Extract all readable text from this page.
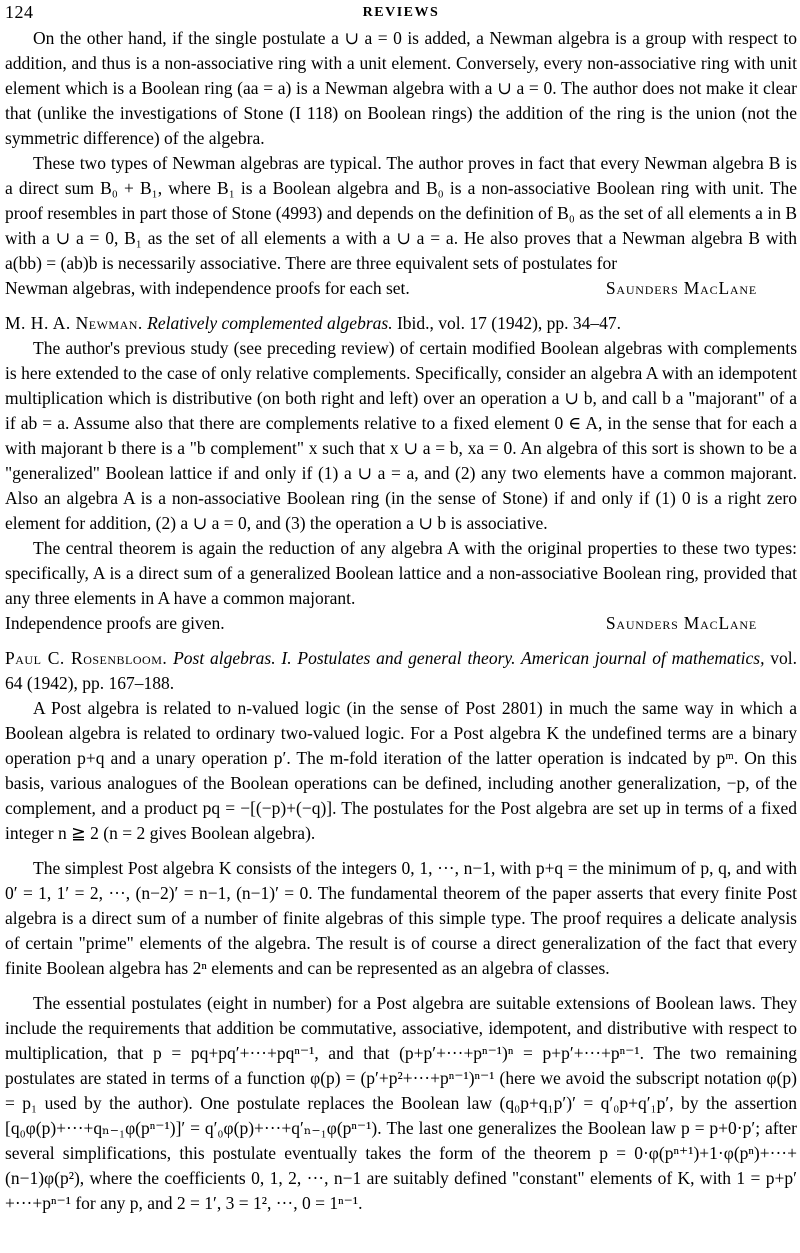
124	REVIEWS

On the other hand, if the single postulate a ∪ a = 0 is added, a Newman algebra is a group with respect to addition, and thus is a non-associative ring with a unit element. Conversely, every non-associative ring with unit element which is a Boolean ring (aa = a) is a Newman algebra with a ∪ a = 0. The author does not make it clear that (unlike the investigations of Stone (I 118) on Boolean rings) the addition of the ring is the union (not the symmetric difference) of the algebra.

These two types of Newman algebras are typical. The author proves in fact that every Newman algebra B is a direct sum B₀ + B₁, where B₁ is a Boolean algebra and B₀ is a non-associative Boolean ring with unit. The proof resembles in part those of Stone (4993) and depends on the definition of B₀ as the set of all elements a in B with a ∪ a = 0, B₁ as the set of all elements a with a ∪ a = a. He also proves that a Newman algebra B with a(bb) = (ab)b is necessarily associative. There are three equivalent sets of postulates for

Newman algebras, with independence proofs for each set.	Saunders MacLane

M. H. A. Newman. Relatively complemented algebras. Ibid., vol. 17 (1942), pp. 34–47.

The author's previous study (see preceding review) of certain modified Boolean algebras with complements is here extended to the case of only relative complements. Specifically, consider an algebra A with an idempotent multiplication which is distributive (on both right and left) over an operation a ∪ b, and call b a "majorant" of a if ab = a. Assume also that there are complements relative to a fixed element 0 ∈ A, in the sense that for each a with majorant b there is a "b complement" x such that x ∪ a = b, xa = 0. An algebra of this sort is shown to be a "generalized" Boolean lattice if and only if (1) a ∪ a = a, and (2) any two elements have a common majorant. Also an algebra A is a non-associative Boolean ring (in the sense of Stone) if and only if (1) 0 is a right zero element for addition, (2) a ∪ a = 0, and (3) the operation a ∪ b is associative.

The central theorem is again the reduction of any algebra A with the original properties to these two types: specifically, A is a direct sum of a generalized Boolean lattice and a non-associative Boolean ring, provided that any three elements in A have a common majorant.

Independence proofs are given.	Saunders MacLane

Paul C. Rosenbloom. Post algebras. I. Postulates and general theory. American journal of mathematics, vol. 64 (1942), pp. 167–188.

A Post algebra is related to n-valued logic (in the sense of Post 2801) in much the same way in which a Boolean algebra is related to ordinary two-valued logic. For a Post algebra K the undefined terms are a binary operation p+q and a unary operation p′. The m-fold iteration of the latter operation is indcated by pᵐ. On this basis, various analogues of the Boolean operations can be defined, including another generalization, −p, of the complement, and a product pq = −[(−p)+(−q)]. The postulates for the Post algebra are set up in terms of a fixed integer n ≧ 2 (n = 2 gives Boolean algebra).

The simplest Post algebra K consists of the integers 0, 1, ···, n−1, with p+q = the minimum of p, q, and with 0′ = 1, 1′ = 2, ···, (n−2)′ = n−1, (n−1)′ = 0. The fundamental theorem of the paper asserts that every finite Post algebra is a direct sum of a number of finite algebras of this simple type. The proof requires a delicate analysis of certain "prime" elements of the algebra. The result is of course a direct generalization of the fact that every finite Boolean algebra has 2ⁿ elements and can be represented as an algebra of classes.

The essential postulates (eight in number) for a Post algebra are suitable extensions of Boolean laws. They include the requirements that addition be commutative, associative, idempotent, and distributive with respect to multiplication, that p = pq+pq′+···+pqⁿ⁻¹, and that (p+p′+···+pⁿ⁻¹)ⁿ = p+p′+···+pⁿ⁻¹. The two remaining postulates are stated in terms of a function φ(p) = (p′+p²+···+pⁿ⁻¹)ⁿ⁻¹ (here we avoid the subscript notation φ(p) = p₁ used by the author). One postulate replaces the Boolean law (q₀p+q₁p′)′ = q′₀p+q′₁p′, by the assertion [q₀φ(p)+···+qₙ₋₁φ(pⁿ⁻¹)]′ = q′₀φ(p)+···+q′ₙ₋₁φ(pⁿ⁻¹). The last one generalizes the Boolean law p = p+0·p′; after several simplifications, this postulate eventually takes the form of the theorem p = 0·φ(pⁿ⁺¹)+1·φ(pⁿ)+···+(n−1)φ(p²), where the coefficients 0, 1, 2, ···, n−1 are suitably defined "constant" elements of K, with 1 = p+p′+···+pⁿ⁻¹ for any p, and 2 = 1′, 3 = 1², ···, 0 = 1ⁿ⁻¹.
